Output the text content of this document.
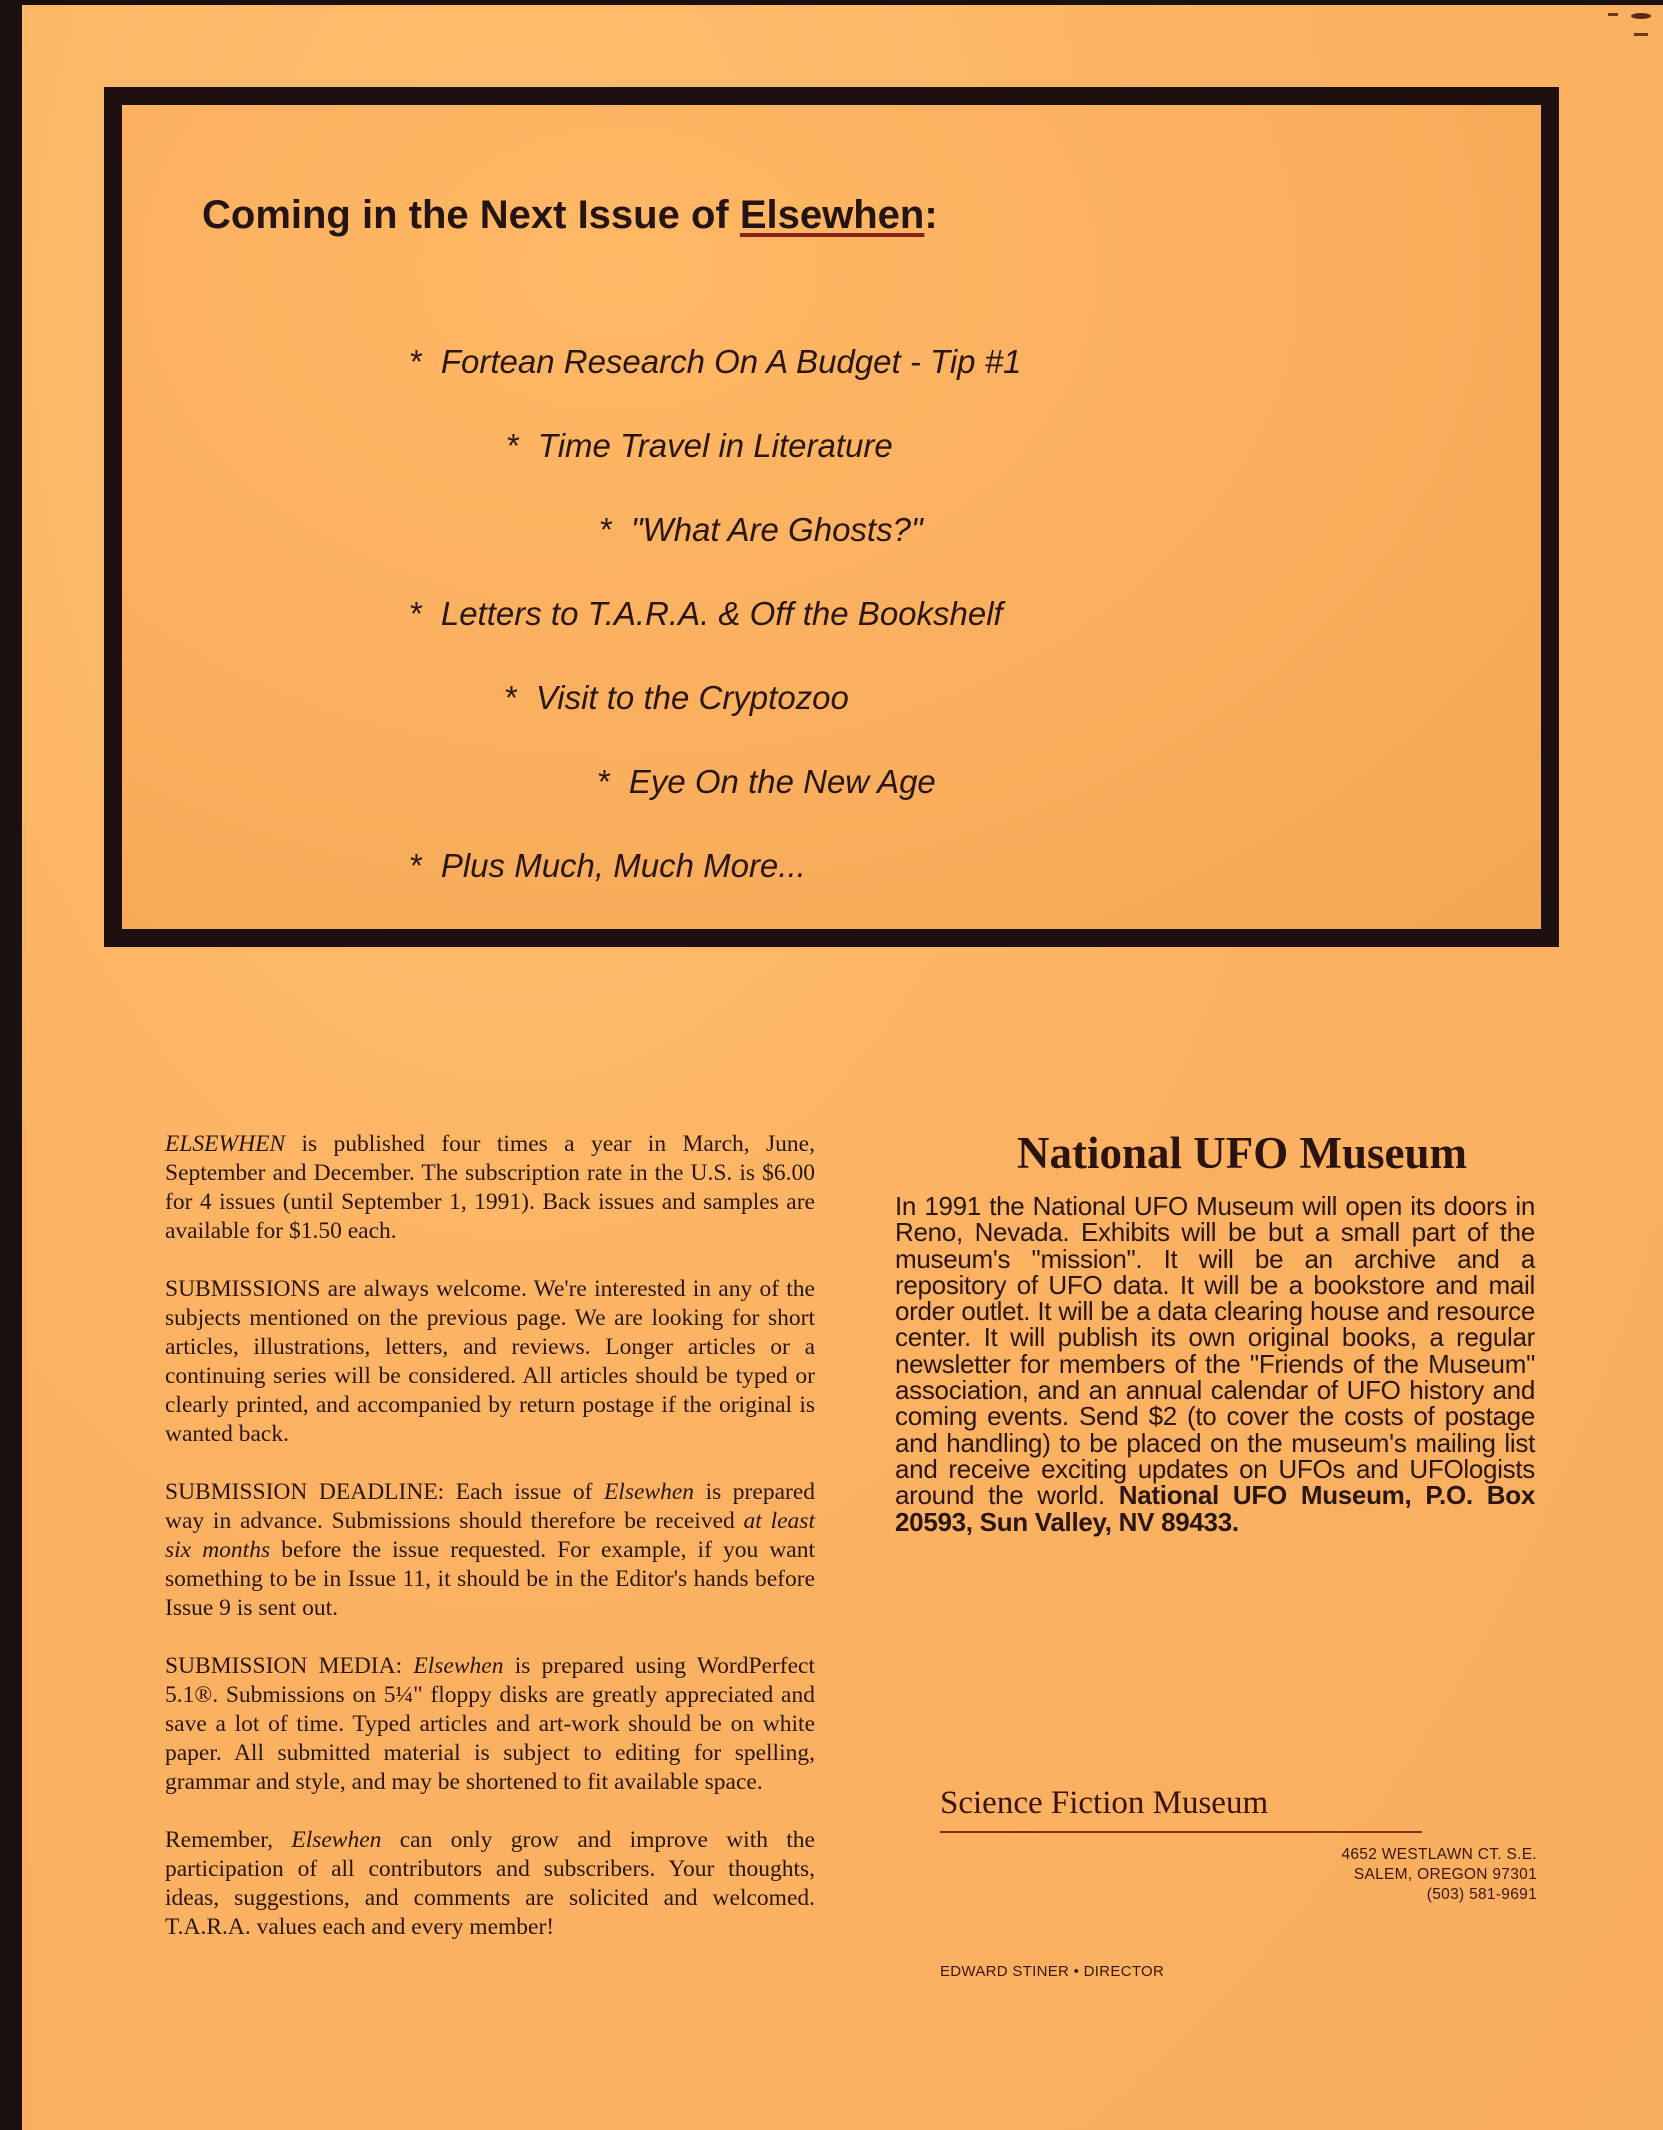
Coming in the Next Issue of Elsewhen:
* Fortean Research On A Budget - Tip #1
* Time Travel in Literature
* "What Are Ghosts?"
* Letters to T.A.R.A. & Off the Bookshelf
* Visit to the Cryptozoo
* Eye On the New Age
* Plus Much, Much More...

ELSEWHEN is published four times a year in March, June, September and December. The subscription rate in the U.S. is $6.00 for 4 issues (until September 1, 1991). Back issues and samples are available for $1.50 each.

SUBMISSIONS are always welcome. We're interested in any of the subjects mentioned on the previous page. We are looking for short articles, illustrations, letters, and reviews. Longer articles or a continuing series will be considered. All articles should be typed or clearly printed, and accompanied by return postage if the original is wanted back.

SUBMISSION DEADLINE: Each issue of Elsewhen is prepared way in advance. Submissions should therefore be received at least six months before the issue requested. For example, if you want something to be in Issue 11, it should be in the Editor's hands before Issue 9 is sent out.

SUBMISSION MEDIA: Elsewhen is prepared using WordPerfect 5.1®. Submissions on 5¼" floppy disks are greatly appreciated and save a lot of time. Typed articles and art-work should be on white paper. All submitted material is subject to editing for spelling, grammar and style, and may be shortened to fit available space.

Remember, Elsewhen can only grow and improve with the participation of all contributors and subscribers. Your thoughts, ideas, suggestions, and comments are solicited and welcomed. T.A.R.A. values each and every member!

National UFO Museum
In 1991 the National UFO Museum will open its doors in Reno, Nevada. Exhibits will be but a small part of the museum's "mission". It will be an archive and a repository of UFO data. It will be a bookstore and mail order outlet. It will be a data clearing house and resource center. It will publish its own original books, a regular newsletter for members of the "Friends of the Museum" association, and an annual calendar of UFO history and coming events. Send $2 (to cover the costs of postage and handling) to be placed on the museum's mailing list and receive exciting updates on UFOs and UFOlogists around the world. National UFO Museum, P.O. Box 20593, Sun Valley, NV 89433.
Science Fiction Museum
4652 WESTLAWN CT. S.E.
SALEM, OREGON 97301
(503) 581-9691
EDWARD STINER • DIRECTOR
